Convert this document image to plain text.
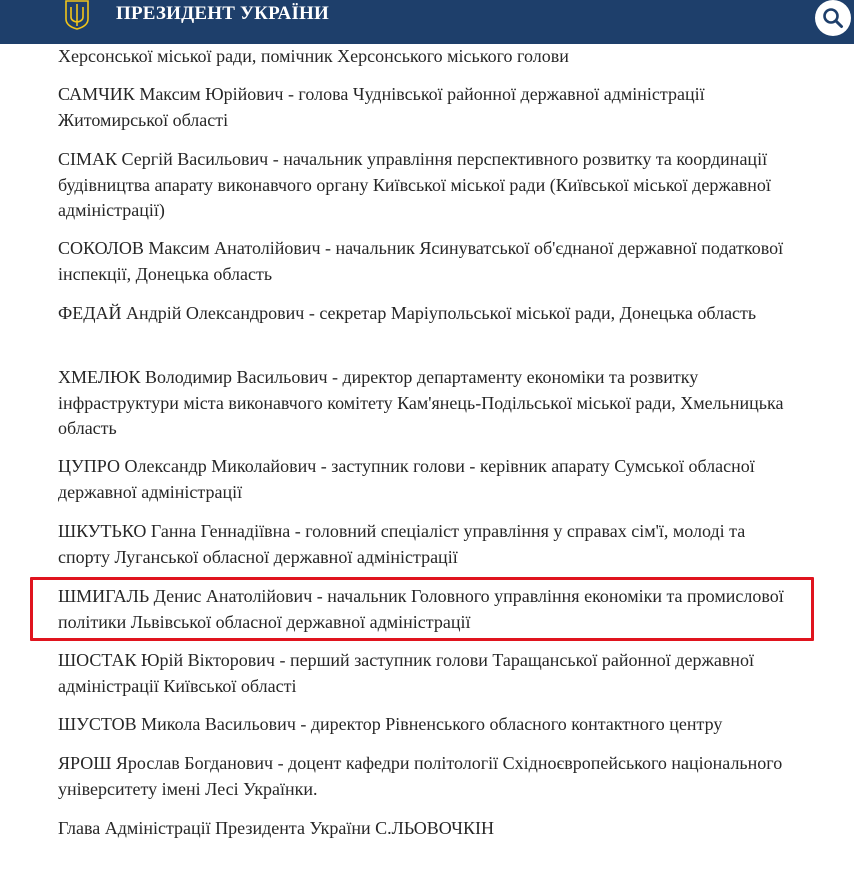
ПРЕЗИДЕНТ УКРАЇНИ

Херсонської міської ради, помічник Херсонського міського голови

САМЧИК Максим Юрійович - голова Чуднівської районної державної адміністрації Житомирської області

СІМАК Сергій Васильович - начальник управління перспективного розвитку та координації будівництва апарату виконавчого органу Київської міської ради (Київської міської державної адміністрації)

СОКОЛОВ Максим Анатолійович - начальник Ясинуватської об'єднаної державної податкової інспекції, Донецька область

ФЕДАЙ Андрій Олександрович - секретар Маріупольської міської ради, Донецька область

ХМЕЛЮК Володимир Васильович - директор департаменту економіки та розвитку інфраструктури міста виконавчого комітету Кам'янець-Подільської міської ради, Хмельницька область

ЦУПРО Олександр Миколайович - заступник голови - керівник апарату Сумської обласної державної адміністрації

ШКУТЬКО Ганна Геннадіївна - головний спеціаліст управління у справах сім'ї, молоді та спорту Луганської обласної державної адміністрації

ШМИГАЛЬ Денис Анатолійович - начальник Головного управління економіки та промислової політики Львівської обласної державної адміністрації

ШОСТАК Юрій Вікторович - перший заступник голови Таращанської районної державної адміністрації Київської області

ШУСТОВ Микола Васильович - директор Рівненського обласного контактного центру

ЯРОШ Ярослав Богданович - доцент кафедри політології Східноєвропейського національного університету імені Лесі Українки.

Глава Адміністрації Президента України С.ЛЬОВОЧКІН
